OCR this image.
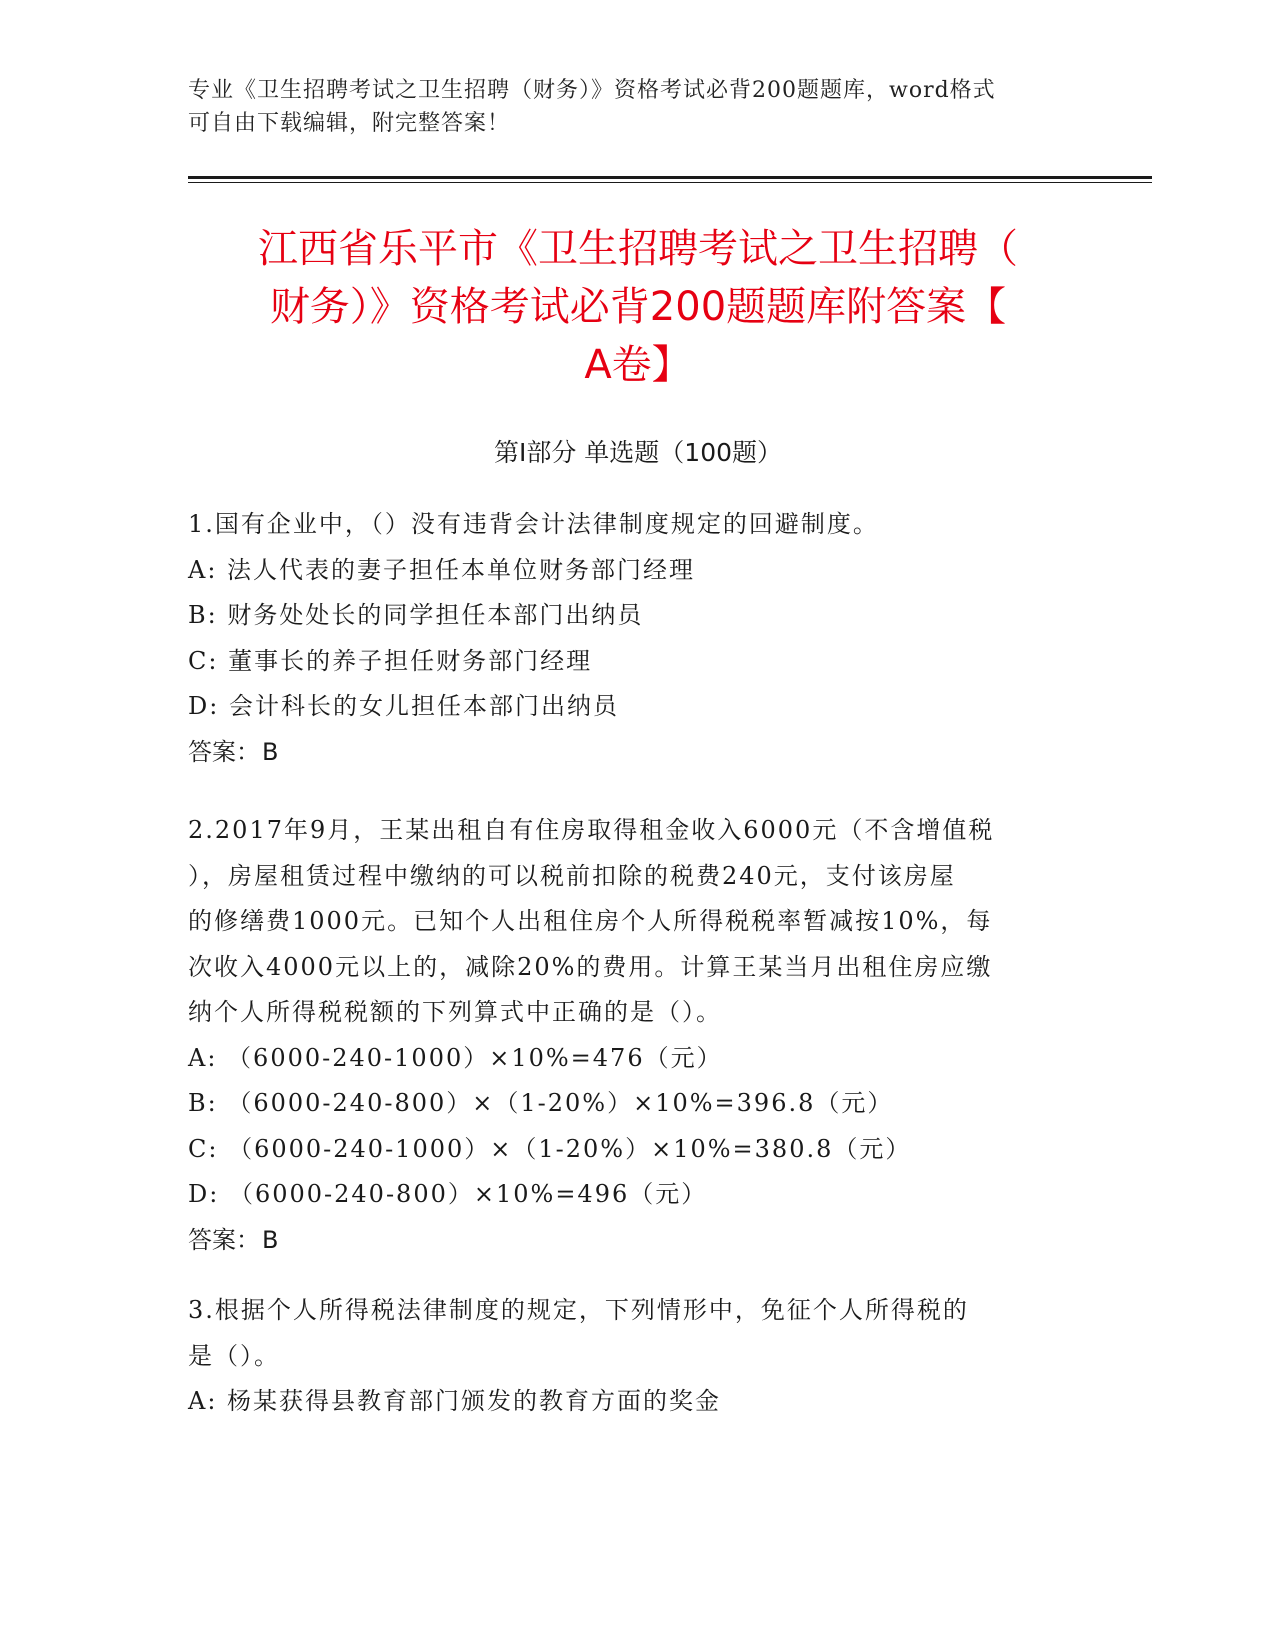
专业《卫生招聘考试之卫生招聘（财务）》资格考试必背200题题库，word格式
可自由下载编辑，附完整答案！
江西省乐平市《卫生招聘考试之卫生招聘（
财务）》资格考试必背200题题库附答案【
A卷】
第Ⅰ部分 单选题（100题）
1.国有企业中，（）没有违背会计法律制度规定的回避制度。
A: 法人代表的妻子担任本单位财务部门经理
B: 财务处处长的同学担任本部门出纳员
C: 董事长的养子担任财务部门经理
D: 会计科长的女儿担任本部门出纳员
答案：B
2.2017年9月，王某出租自有住房取得租金收入6000元（不含增值税
），房屋租赁过程中缴纳的可以税前扣除的税费240元，支付该房屋
的修缮费1000元。已知个人出租住房个人所得税税率暂减按10%，每
次收入4000元以上的，减除20%的费用。计算王某当月出租住房应缴
纳个人所得税税额的下列算式中正确的是（）。
A: （6000-240-1000）×10%=476（元）
B: （6000-240-800）×（1-20%）×10%=396.8（元）
C: （6000-240-1000）×（1-20%）×10%=380.8（元）
D: （6000-240-800）×10%=496（元）
答案：B
3.根据个人所得税法律制度的规定，下列情形中，免征个人所得税的
是（）。
A: 杨某获得县教育部门颁发的教育方面的奖金
